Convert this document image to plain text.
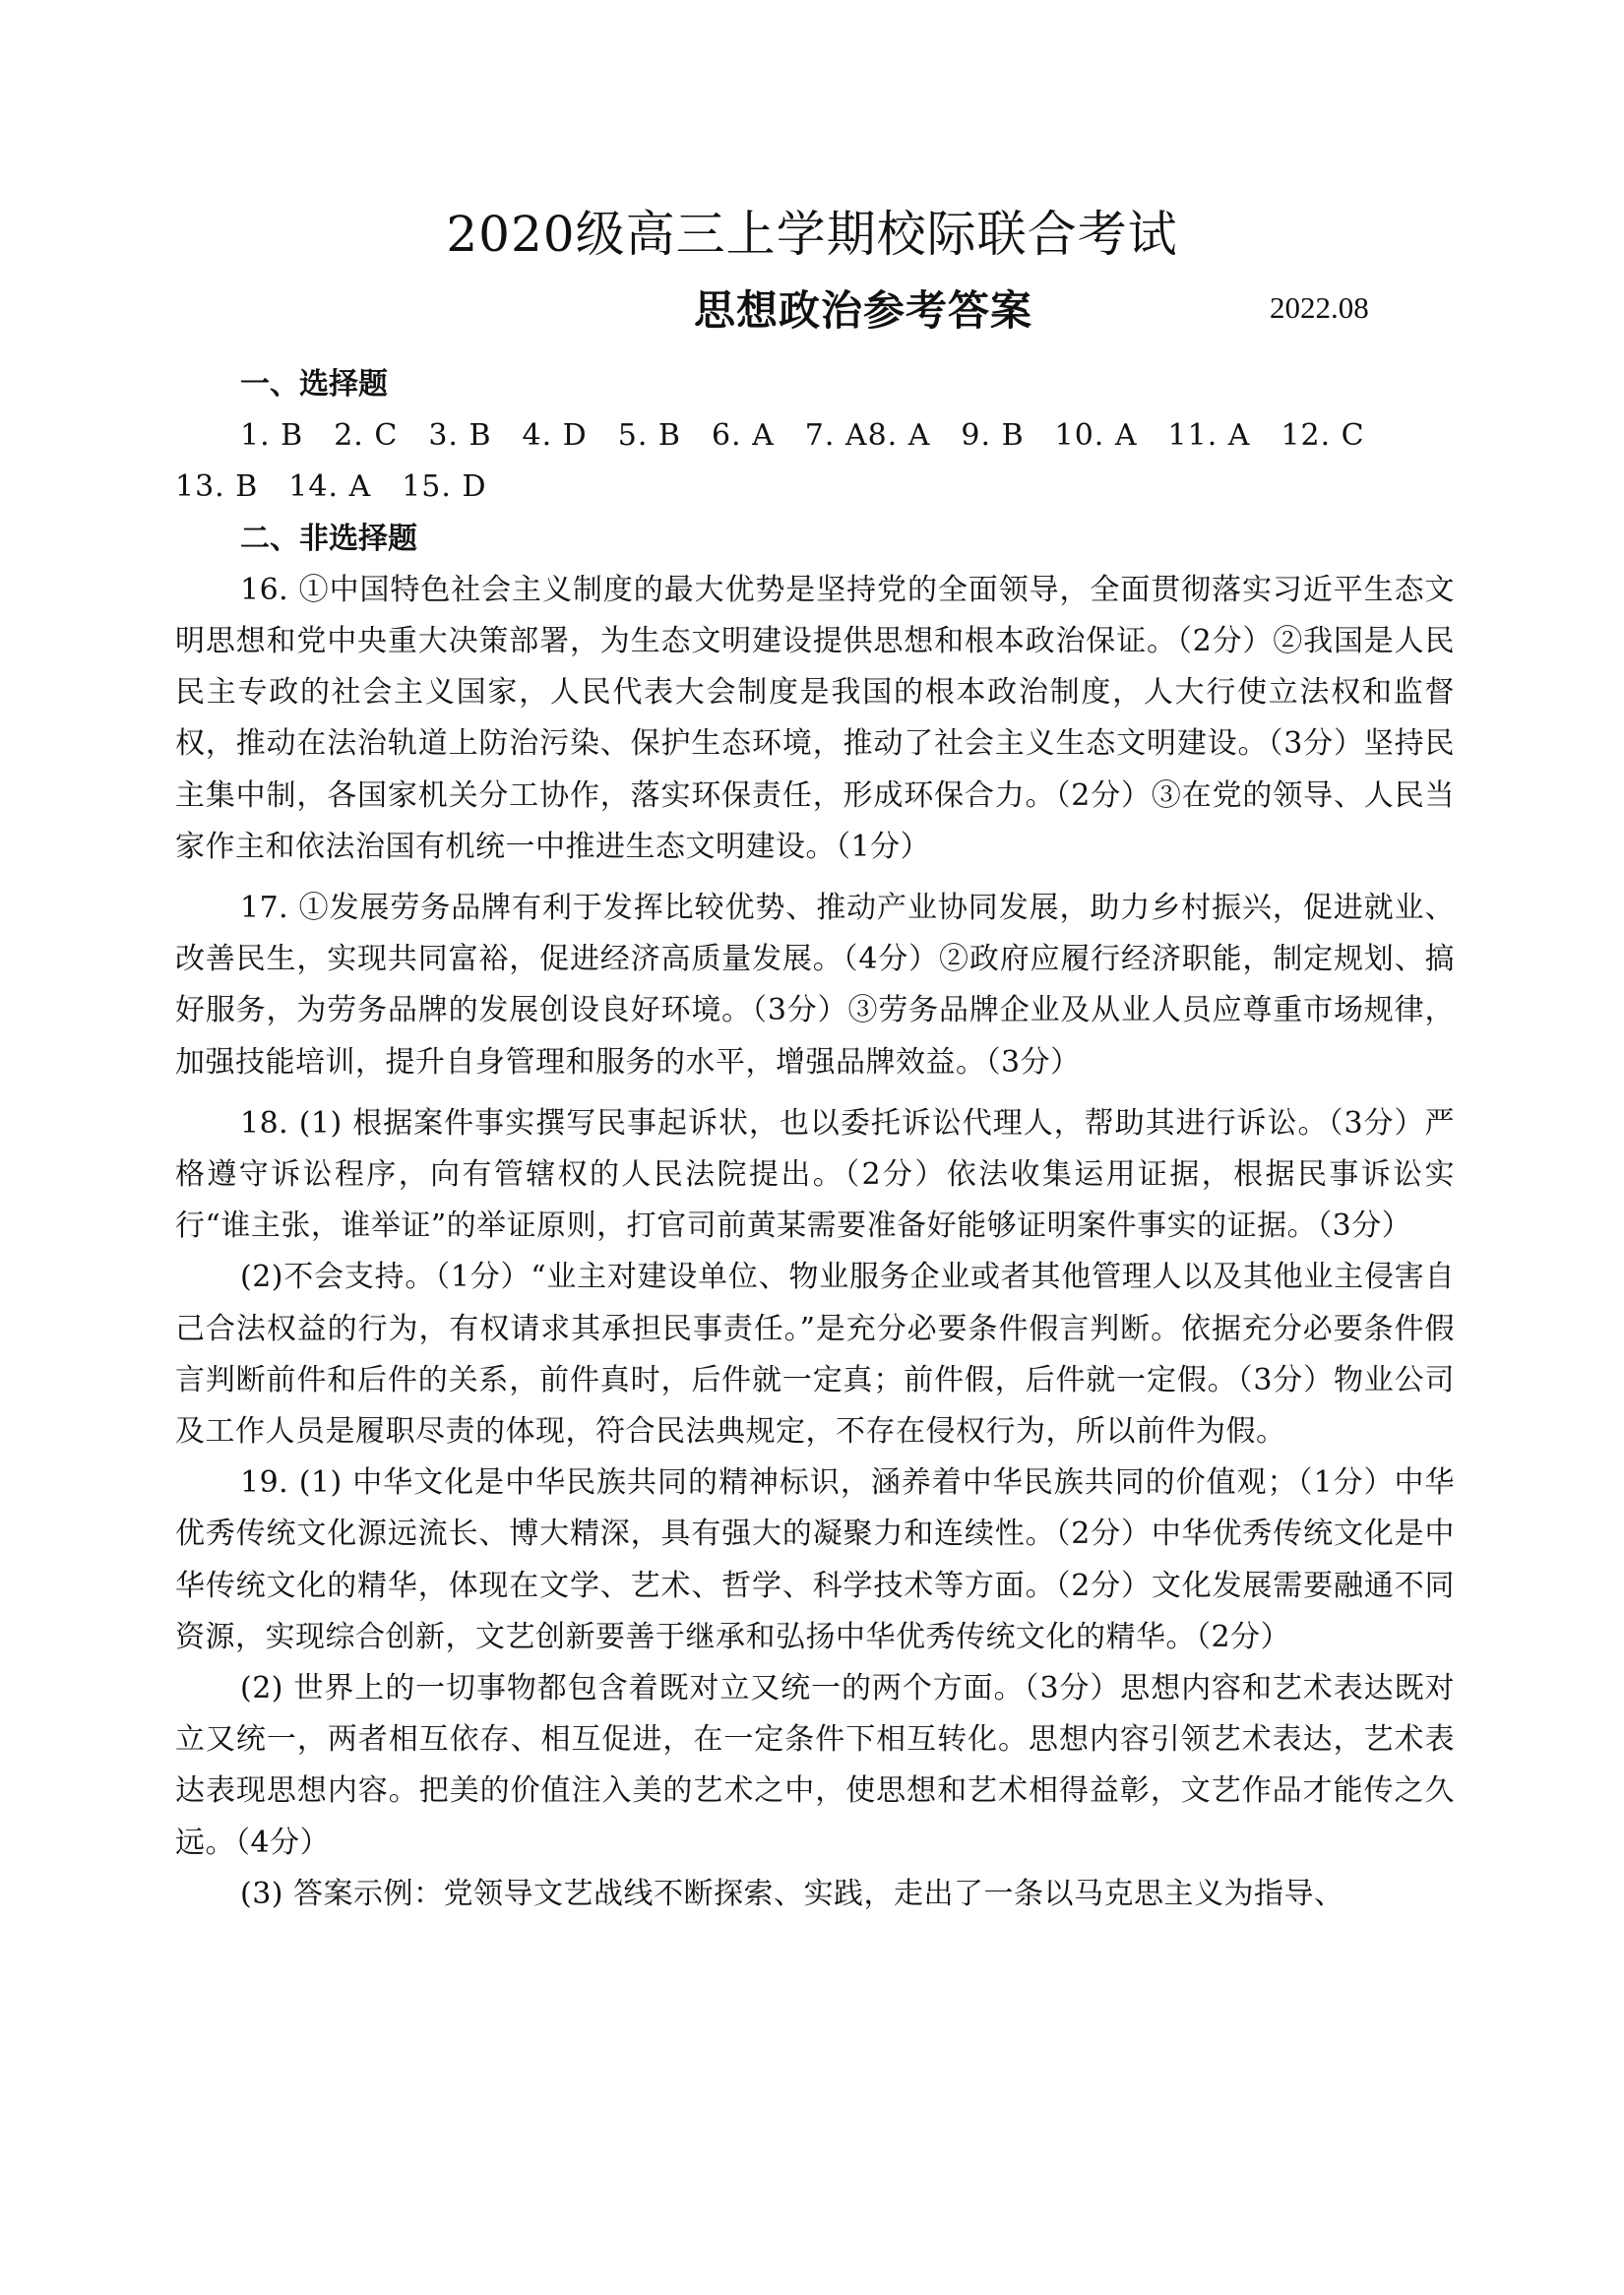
2020级高三上学期校际联合考试
思想政治参考答案	2022.08
一、选择题
1. B　2. C　3. B　4. D　5. B　6. A　7. A8. A　9. B　10. A　11. A　12. C
13. B　14. A　15. D
二、非选择题

16. ①中国特色社会主义制度的最大优势是坚持党的全面领导，全面贯彻落实习近平生态文明思想和党中央重大决策部署，为生态文明建设提供思想和根本政治保证。（2分）②我国是人民民主专政的社会主义国家，人民代表大会制度是我国的根本政治制度，人大行使立法权和监督权，推动在法治轨道上防治污染、保护生态环境，推动了社会主义生态文明建设。（3分）坚持民主集中制，各国家机关分工协作，落实环保责任，形成环保合力。（2分）③在党的领导、人民当家作主和依法治国有机统一中推进生态文明建设。（1分）

17. ①发展劳务品牌有利于发挥比较优势、推动产业协同发展，助力乡村振兴，促进就业、改善民生，实现共同富裕，促进经济高质量发展。（4分）②政府应履行经济职能，制定规划、搞好服务，为劳务品牌的发展创设良好环境。（3分）③劳务品牌企业及从业人员应尊重市场规律，加强技能培训，提升自身管理和服务的水平，增强品牌效益。（3分）

18. (1) 根据案件事实撰写民事起诉状，也以委托诉讼代理人，帮助其进行诉讼。（3分）严格遵守诉讼程序，向有管辖权的人民法院提出。（2分）依法收集运用证据，根据民事诉讼实行“谁主张，谁举证”的举证原则，打官司前黄某需要准备好能够证明案件事实的证据。（3分）

(2)不会支持。（1分）“业主对建设单位、物业服务企业或者其他管理人以及其他业主侵害自己合法权益的行为，有权请求其承担民事责任。”是充分必要条件假言判断。依据充分必要条件假言判断前件和后件的关系，前件真时，后件就一定真；前件假，后件就一定假。（3分）物业公司及工作人员是履职尽责的体现，符合民法典规定，不存在侵权行为，所以前件为假。

19. (1) 中华文化是中华民族共同的精神标识，涵养着中华民族共同的价值观；（1分）中华优秀传统文化源远流长、博大精深，具有强大的凝聚力和连续性。（2分）中华优秀传统文化是中华传统文化的精华，体现在文学、艺术、哲学、科学技术等方面。（2分）文化发展需要融通不同资源，实现综合创新，文艺创新要善于继承和弘扬中华优秀传统文化的精华。（2分）

(2) 世界上的一切事物都包含着既对立又统一的两个方面。（3分）思想内容和艺术表达既对立又统一，两者相互依存、相互促进，在一定条件下相互转化。思想内容引领艺术表达，艺术表达表现思想内容。把美的价值注入美的艺术之中，使思想和艺术相得益彰，文艺作品才能传之久远。（4分）

(3) 答案示例：党领导文艺战线不断探索、实践，走出了一条以马克思主义为指导、
